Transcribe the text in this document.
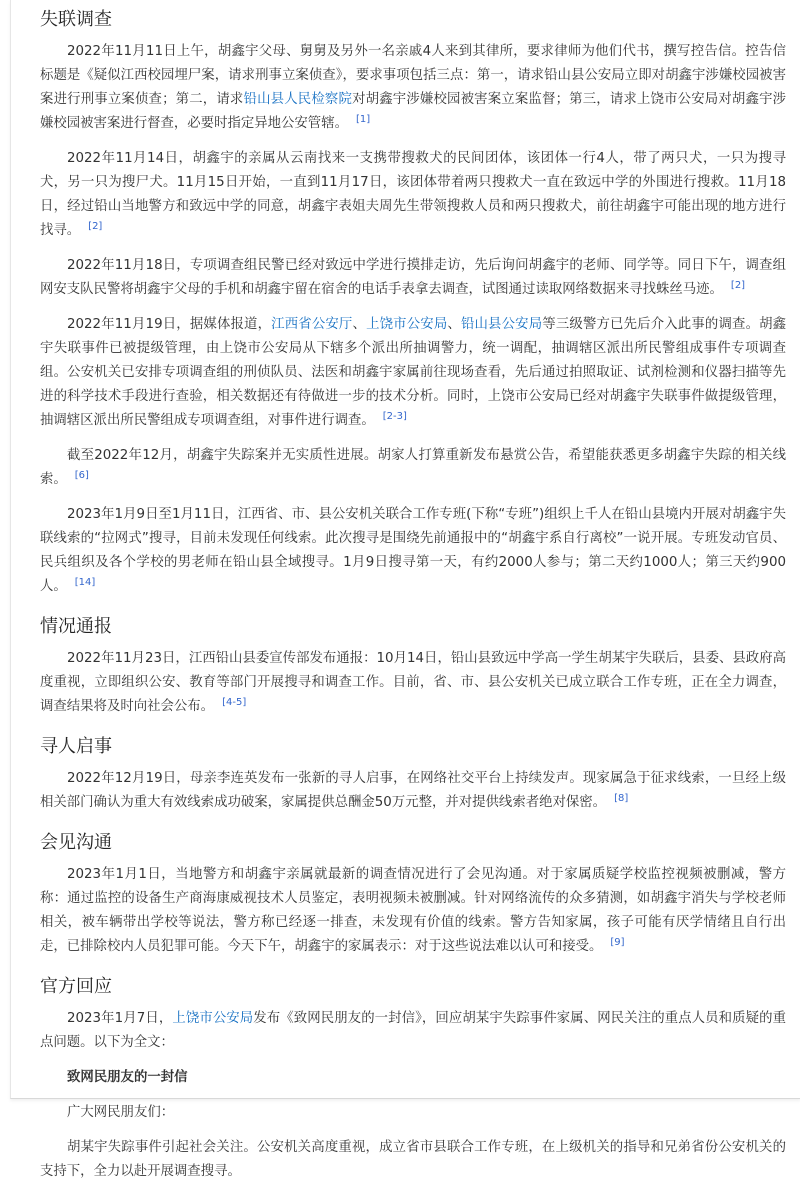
失联调查

2022年11月11日上午，胡鑫宇父母、舅舅及另外一名亲戚4人来到其律所，要求律师为他们代书，撰写控告信。控告信标题是《疑似江西校园埋尸案，请求刑事立案侦查》，要求事项包括三点：第一，请求铅山县公安局立即对胡鑫宇涉嫌校园被害案进行刑事立案侦查；第二，请求铅山县人民检察院对胡鑫宇涉嫌校园被害案立案监督；第三，请求上饶市公安局对胡鑫宇涉嫌校园被害案进行督查，必要时指定异地公安管辖。 [1]

2022年11月14日，胡鑫宇的亲属从云南找来一支携带搜救犬的民间团体，该团体一行4人，带了两只犬，一只为搜寻犬，另一只为搜尸犬。11月15日开始，一直到11月17日，该团体带着两只搜救犬一直在致远中学的外围进行搜救。11月18日，经过铅山当地警方和致远中学的同意，胡鑫宇表姐夫周先生带领搜救人员和两只搜救犬，前往胡鑫宇可能出现的地方进行找寻。 [2]

2022年11月18日，专项调查组民警已经对致远中学进行摸排走访，先后询问胡鑫宇的老师、同学等。同日下午，调查组网安支队民警将胡鑫宇父母的手机和胡鑫宇留在宿舍的电话手表拿去调查，试图通过读取网络数据来寻找蛛丝马迹。 [2]

2022年11月19日，据媒体报道，江西省公安厅、上饶市公安局、铅山县公安局等三级警方已先后介入此事的调查。胡鑫宇失联事件已被提级管理，由上饶市公安局从下辖多个派出所抽调警力，统一调配，抽调辖区派出所民警组成事件专项调查组。公安机关已安排专项调查组的刑侦队员、法医和胡鑫宇家属前往现场查看，先后通过拍照取证、试剂检测和仪器扫描等先进的科学技术手段进行查验，相关数据还有待做进一步的技术分析。同时，上饶市公安局已经对胡鑫宇失联事件做提级管理，抽调辖区派出所民警组成专项调查组，对事件进行调查。 [2-3]

截至2022年12月，胡鑫宇失踪案并无实质性进展。胡家人打算重新发布悬赏公告，希望能获悉更多胡鑫宇失踪的相关线索。 [6]

2023年1月9日至1月11日，江西省、市、县公安机关联合工作专班(下称“专班”)组织上千人在铅山县境内开展对胡鑫宇失联线索的“拉网式”搜寻，目前未发现任何线索。此次搜寻是围绕先前通报中的“胡鑫宇系自行离校”一说开展。专班发动官员、民兵组织及各个学校的男老师在铅山县全域搜寻。1月9日搜寻第一天，有约2000人参与；第二天约1000人；第三天约900人。 [14]

情况通报

2022年11月23日，江西铅山县委宣传部发布通报：10月14日，铅山县致远中学高一学生胡某宇失联后，县委、县政府高度重视，立即组织公安、教育等部门开展搜寻和调查工作。目前，省、市、县公安机关已成立联合工作专班，正在全力调查，调查结果将及时向社会公布。 [4-5]

寻人启事

2022年12月19日，母亲李连英发布一张新的寻人启事，在网络社交平台上持续发声。现家属急于征求线索，一旦经上级相关部门确认为重大有效线索成功破案，家属提供总酬金50万元整，并对提供线索者绝对保密。 [8]

会见沟通

2023年1月1日，当地警方和胡鑫宇亲属就最新的调查情况进行了会见沟通。对于家属质疑学校监控视频被删减，警方称：通过监控的设备生产商海康威视技术人员鉴定，表明视频未被删减。针对网络流传的众多猜测，如胡鑫宇消失与学校老师相关，被车辆带出学校等说法，警方称已经逐一排查，未发现有价值的线索。警方告知家属，孩子可能有厌学情绪且自行出走，已排除校内人员犯罪可能。今天下午，胡鑫宇的家属表示：对于这些说法难以认可和接受。 [9]

官方回应

2023年1月7日，上饶市公安局发布《致网民朋友的一封信》，回应胡某宇失踪事件家属、网民关注的重点人员和质疑的重点问题。以下为全文：

致网民朋友的一封信

广大网民朋友们：

胡某宇失踪事件引起社会关注。公安机关高度重视，成立省市县联合工作专班，在上级机关的指导和兄弟省份公安机关的支持下，全力以赴开展调查搜寻。
